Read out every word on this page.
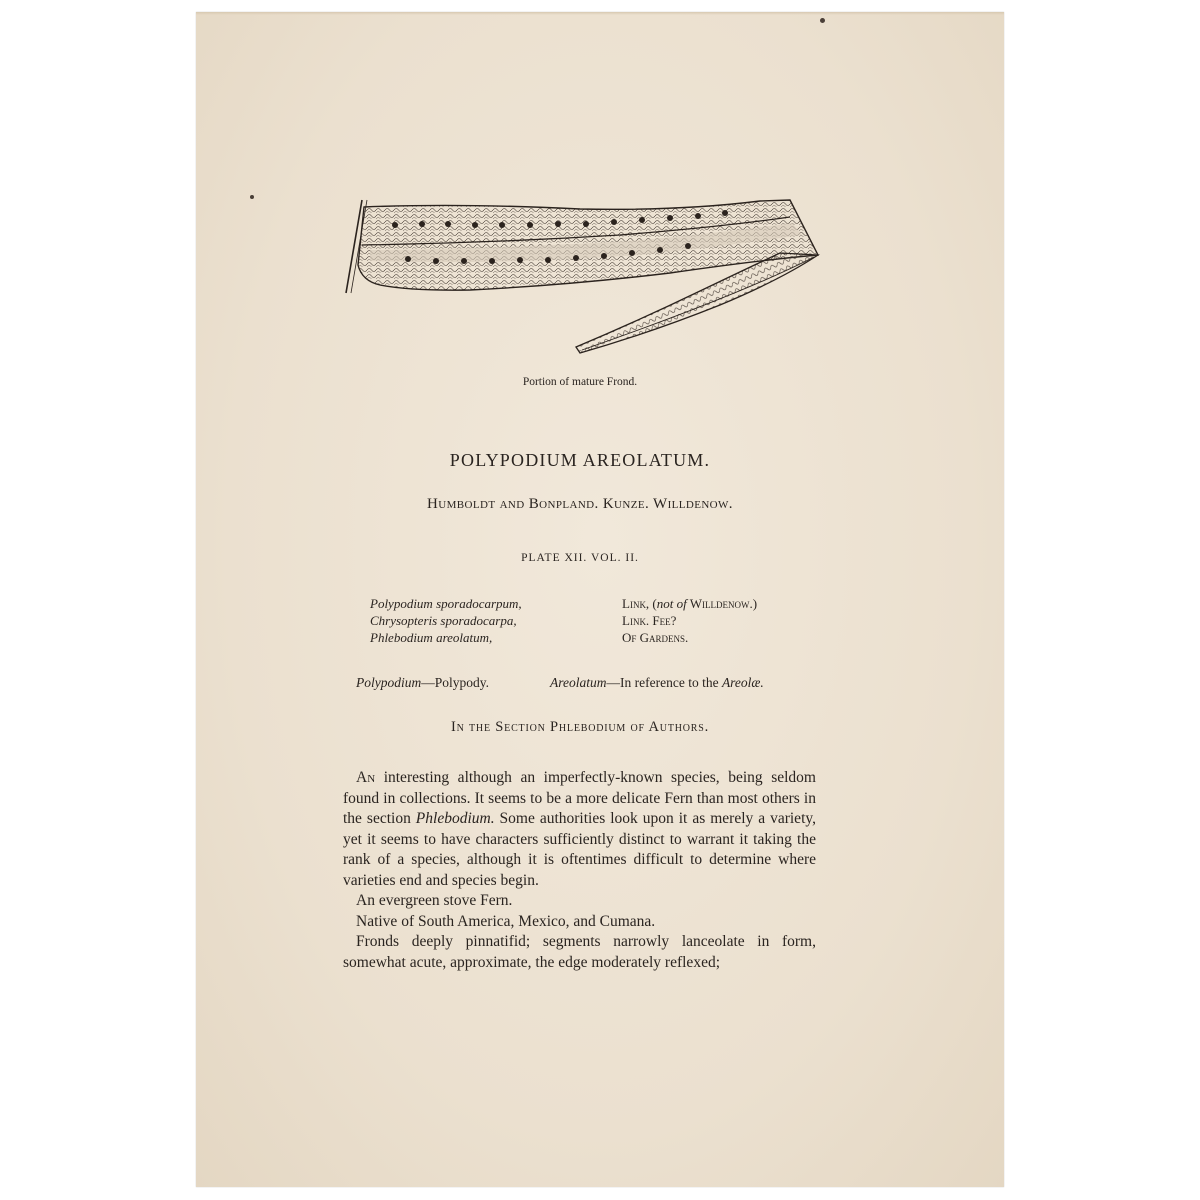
Portion of mature Frond.
POLYPODIUM AREOLATUM.
Humboldt and Bonpland. Kunze. Willdenow.
PLATE XII. VOL. II.
Polypodium sporadocarpum,
Chrysopteris sporadocarpa,
Phlebodium areolatum,
Link, (not of Willdenow.)
Link. Fee?
Of Gardens.
Polypodium—Polypody.	Areolatum—In reference to the Areolæ.
In the Section Phlebodium of Authors.

An interesting although an imperfectly-known species, being seldom found in collections. It seems to be a more delicate Fern than most others in the section Phlebodium. Some authorities look upon it as merely a variety, yet it seems to have characters sufficiently distinct to warrant it taking the rank of a species, although it is oftentimes difficult to determine where varieties end and species begin.

An evergreen stove Fern.

Native of South America, Mexico, and Cumana.

Fronds deeply pinnatifid; segments narrowly lanceolate in form, somewhat acute, approximate, the edge moderately reflexed;
